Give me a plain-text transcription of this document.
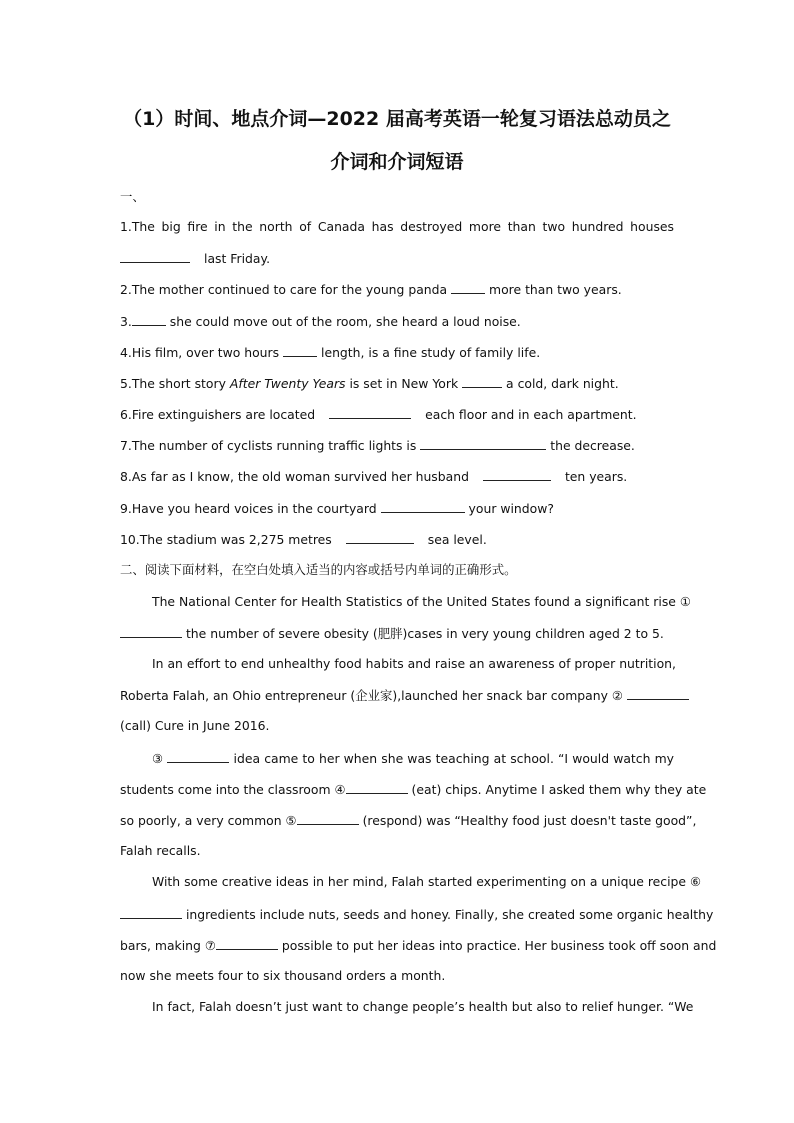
（1）时间、地点介词—2022 届高考英语一轮复习语法总动员之
介词和介词短语
一、
1.The big fire in the north of Canada has destroyed more than two hundred houses
last Friday.
2.The mother continued to care for the young panda	more than two years.
3.	she could move out of the room, she heard a loud noise.
4.His film, over two hours	length, is a fine study of family life.
5.The short story After Twenty Years is set in New York	a cold, dark night.
6.Fire extinguishers are located	each floor and in each apartment.
7.The number of cyclists running traffic lights is	the decrease.
8.As far as I know, the old woman survived her husband	ten years.
9.Have you heard voices in the courtyard	your window?
10.The stadium was 2,275 metres	sea level.
二、阅读下面材料，在空白处填入适当的内容或括号内单词的正确形式。
The National Center for Health Statistics of the United States found a significant rise ①
the number of severe obesity (肥胖)cases in very young children aged 2 to 5.
In an effort to end unhealthy food habits and raise an awareness of proper nutrition,
Roberta Falah, an Ohio entrepreneur (企业家),launched her snack bar company ②
(call) Cure in June 2016.
③	idea came to her when she was teaching at school. “I would watch my
students come into the classroom ④	(eat) chips. Anytime I asked them why they ate
so poorly, a very common ⑤	(respond) was “Healthy food just doesn't taste good”,
Falah recalls.
With some creative ideas in her mind, Falah started experimenting on a unique recipe ⑥
ingredients include nuts, seeds and honey. Finally, she created some organic healthy
bars, making ⑦	possible to put her ideas into practice. Her business took off soon and
now she meets four to six thousand orders a month.
In fact, Falah doesn’t just want to change people’s health but also to relief hunger. “We
